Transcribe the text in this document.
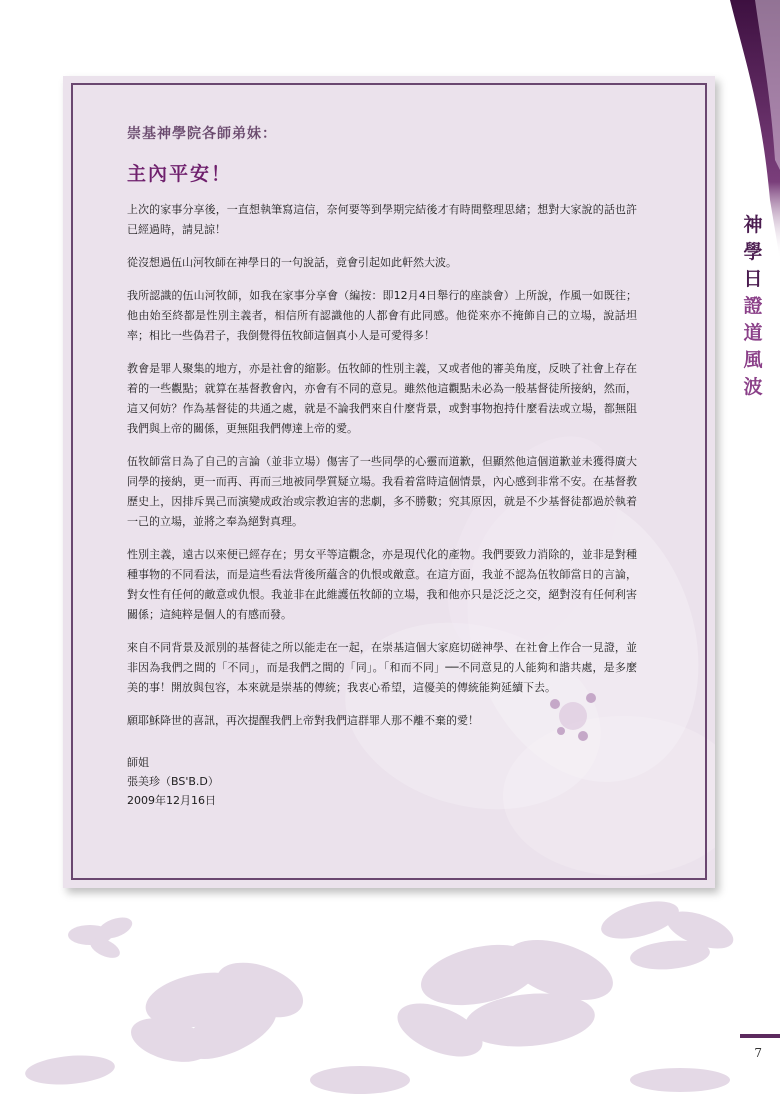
神
學
日
證
道
風
波
崇基神學院各師弟妹：
主內平安！

上次的家事分享後，一直想執筆寫這信，奈何要等到學期完結後才有時間整理思緒；想對大家說的話也許已經過時，請見諒！

從沒想過伍山河牧師在神學日的一句說話，竟會引起如此軒然大波。

我所認識的伍山河牧師，如我在家事分享會（編按：即12月4日舉行的座談會）上所說，作風一如既往；他由始至終都是性別主義者，相信所有認識他的人都會有此同感。他從來亦不掩飾自己的立場，說話坦率；相比一些偽君子，我倒覺得伍牧師這個真小人是可愛得多！

教會是罪人聚集的地方，亦是社會的縮影。伍牧師的性別主義，又或者他的審美角度，反映了社會上存在着的一些觀點；就算在基督教會內，亦會有不同的意見。雖然他這觀點未必為一般基督徒所接納，然而，這又何妨？作為基督徒的共通之處，就是不論我們來自什麼背景，或對事物抱持什麼看法或立場，都無阻我們與上帝的關係，更無阻我們傳達上帝的愛。

伍牧師當日為了自己的言論（並非立場）傷害了一些同學的心靈而道歉，但顯然他這個道歉並未獲得廣大同學的接納，更一而再、再而三地被同學質疑立場。我看着當時這個情景，內心感到非常不安。在基督教歷史上，因排斥異己而演變成政治或宗教迫害的悲劇，多不勝數；究其原因，就是不少基督徒都過於執着一己的立場，並將之奉為絕對真理。

性別主義，遠古以來便已經存在；男女平等這觀念，亦是現代化的產物。我們要致力消除的，並非是對種種事物的不同看法，而是這些看法背後所蘊含的仇恨或敵意。在這方面，我並不認為伍牧師當日的言論，對女性有任何的敵意或仇恨。我並非在此維護伍牧師的立場，我和他亦只是泛泛之交，絕對沒有任何利害關係；這純粹是個人的有感而發。

來自不同背景及派別的基督徒之所以能走在一起，在崇基這個大家庭切磋神學、在社會上作合一見證，並非因為我們之間的「不同」，而是我們之間的「同」。「和而不同」──不同意見的人能夠和諧共處，是多麼美的事！開放與包容，本來就是崇基的傳統；我衷心希望，這優美的傳統能夠延續下去。

願耶穌降世的喜訊，再次提醒我們上帝對我們這群罪人那不離不棄的愛！

師姐
張美珍（BS'B.D）
2009年12月16日
7
